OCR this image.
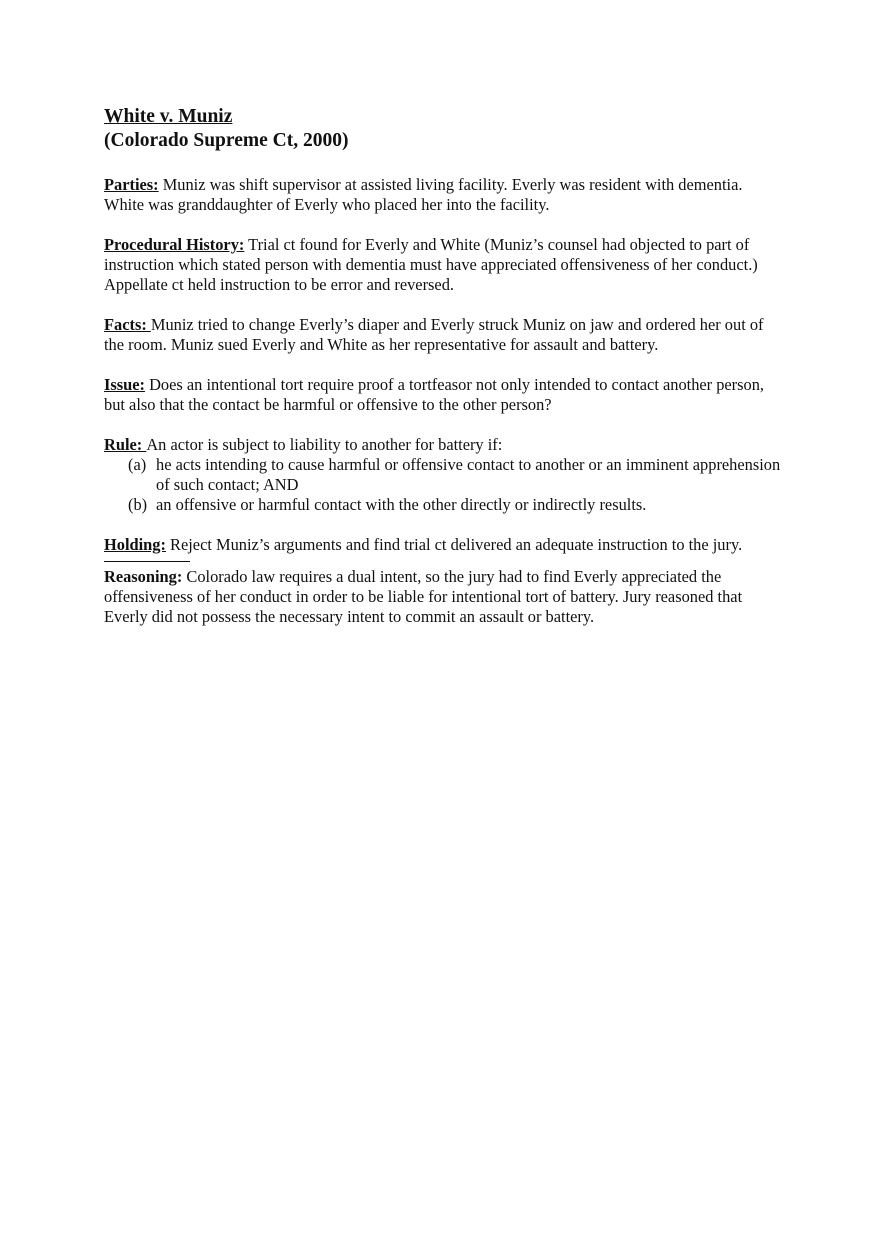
White v. Muniz
(Colorado Supreme Ct, 2000)

Parties: Muniz was shift supervisor at assisted living facility. Everly was resident with dementia. White was granddaughter of Everly who placed her into the facility.

Procedural History: Trial ct found for Everly and White (Muniz’s counsel had objected to part of instruction which stated person with dementia must have appreciated offensiveness of her conduct.) Appellate ct held instruction to be error and reversed.

Facts: Muniz tried to change Everly’s diaper and Everly struck Muniz on jaw and ordered her out of the room. Muniz sued Everly and White as her representative for assault and battery.

Issue: Does an intentional tort require proof a tortfeasor not only intended to contact another person, but also that the contact be harmful or offensive to the other person?

Rule: An actor is subject to liability to another for battery if:

(a) he acts intending to cause harmful or offensive contact to another or an imminent apprehension of such contact; AND
(b) an offensive or harmful contact with the other directly or indirectly results.

Holding: Reject Muniz’s arguments and find trial ct delivered an adequate instruction to the jury.

Reasoning: Colorado law requires a dual intent, so the jury had to find Everly appreciated the offensiveness of her conduct in order to be liable for intentional tort of battery. Jury reasoned that Everly did not possess the necessary intent to commit an assault or battery.
